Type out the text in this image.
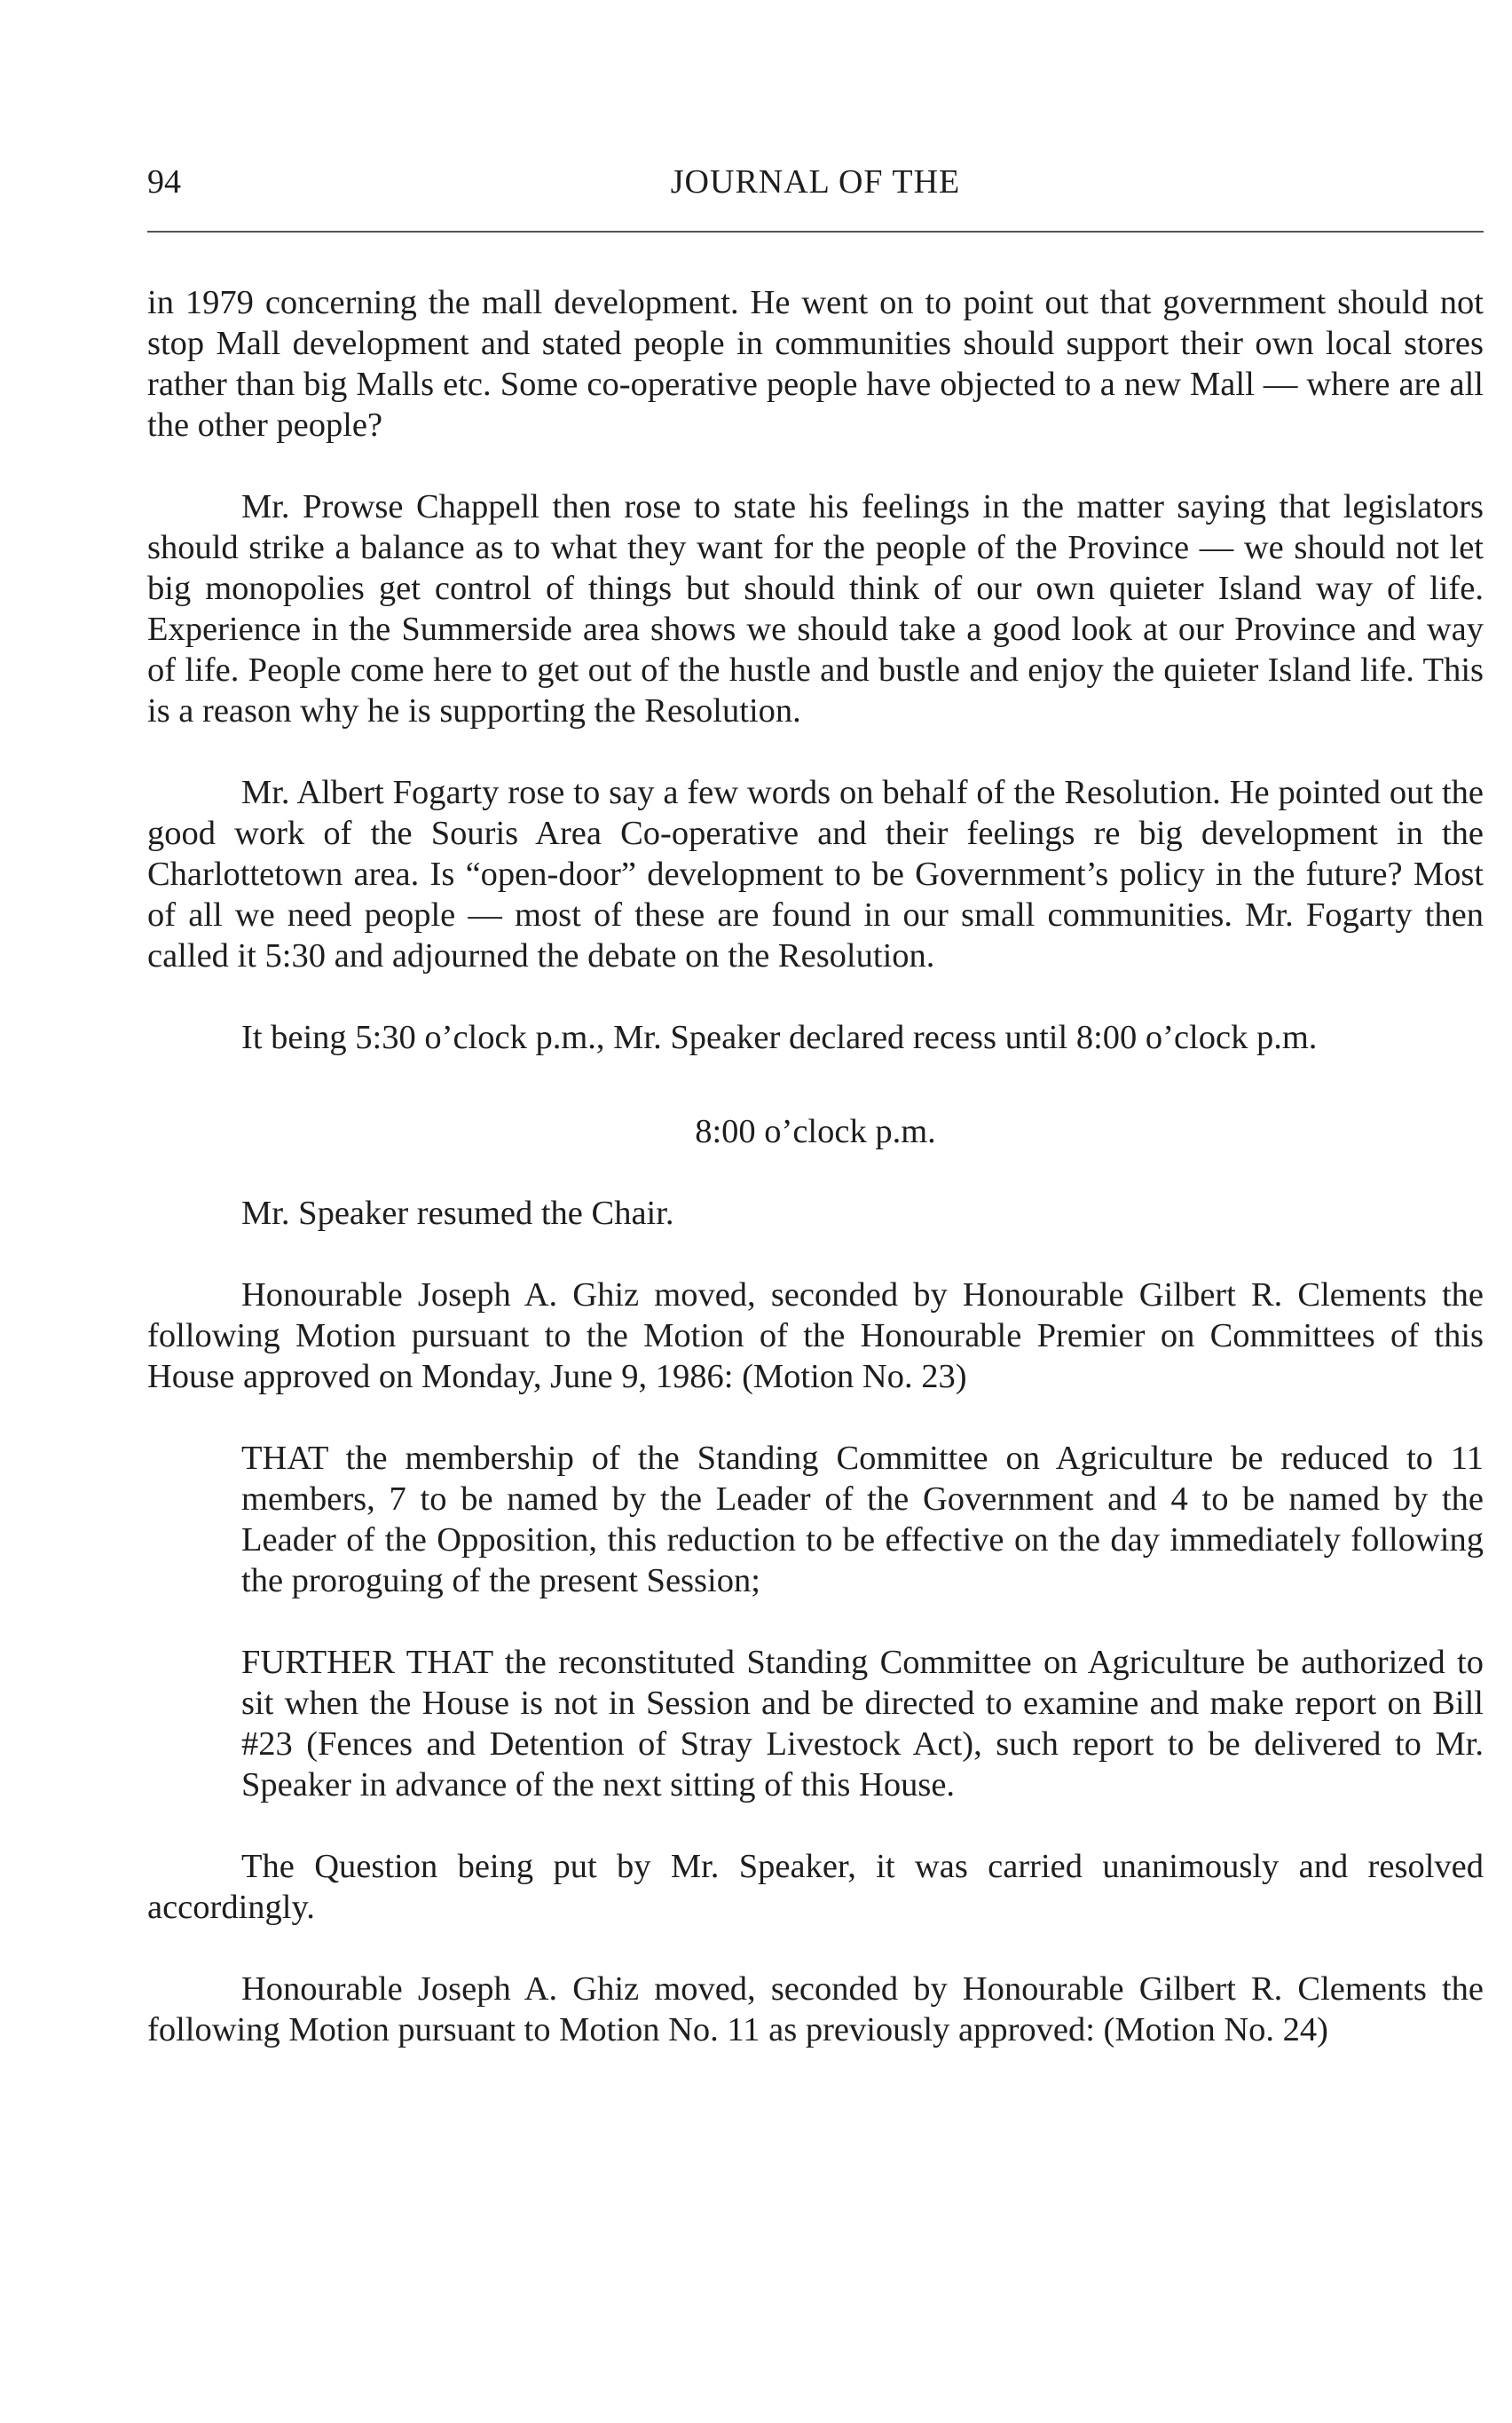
94	JOURNAL OF THE

in 1979 concerning the mall development. He went on to point out that government should not stop Mall development and stated people in communities should support their own local stores rather than big Malls etc. Some co-operative people have objected to a new Mall — where are all the other people?

Mr. Prowse Chappell then rose to state his feelings in the matter saying that legislators should strike a balance as to what they want for the people of the Province — we should not let big monopolies get control of things but should think of our own quieter Island way of life. Experience in the Summerside area shows we should take a good look at our Province and way of life. People come here to get out of the hustle and bustle and enjoy the quieter Island life. This is a reason why he is supporting the Resolution.

Mr. Albert Fogarty rose to say a few words on behalf of the Resolution. He pointed out the good work of the Souris Area Co-operative and their feelings re big development in the Charlottetown area. Is “open-door” development to be Government’s policy in the future? Most of all we need people — most of these are found in our small communities. Mr. Fogarty then called it 5:30 and adjourned the debate on the Resolution.

It being 5:30 o’clock p.m., Mr. Speaker declared recess until 8:00 o’clock p.m.

8:00 o’clock p.m.

Mr. Speaker resumed the Chair.

Honourable Joseph A. Ghiz moved, seconded by Honourable Gilbert R. Clements the following Motion pursuant to the Motion of the Honourable Premier on Committees of this House approved on Monday, June 9, 1986: (Motion No. 23)

THAT the membership of the Standing Committee on Agriculture be reduced to 11 members, 7 to be named by the Leader of the Government and 4 to be named by the Leader of the Opposition, this reduction to be effective on the day immediately following the proroguing of the present Session;

FURTHER THAT the reconstituted Standing Committee on Agriculture be authorized to sit when the House is not in Session and be directed to examine and make report on Bill #23 (Fences and Detention of Stray Livestock Act), such report to be delivered to Mr. Speaker in advance of the next sitting of this House.

The Question being put by Mr. Speaker, it was carried unanimously and resolved accordingly.

Honourable Joseph A. Ghiz moved, seconded by Honourable Gilbert R. Clements the following Motion pursuant to Motion No. 11 as previously approved: (Motion No. 24)
